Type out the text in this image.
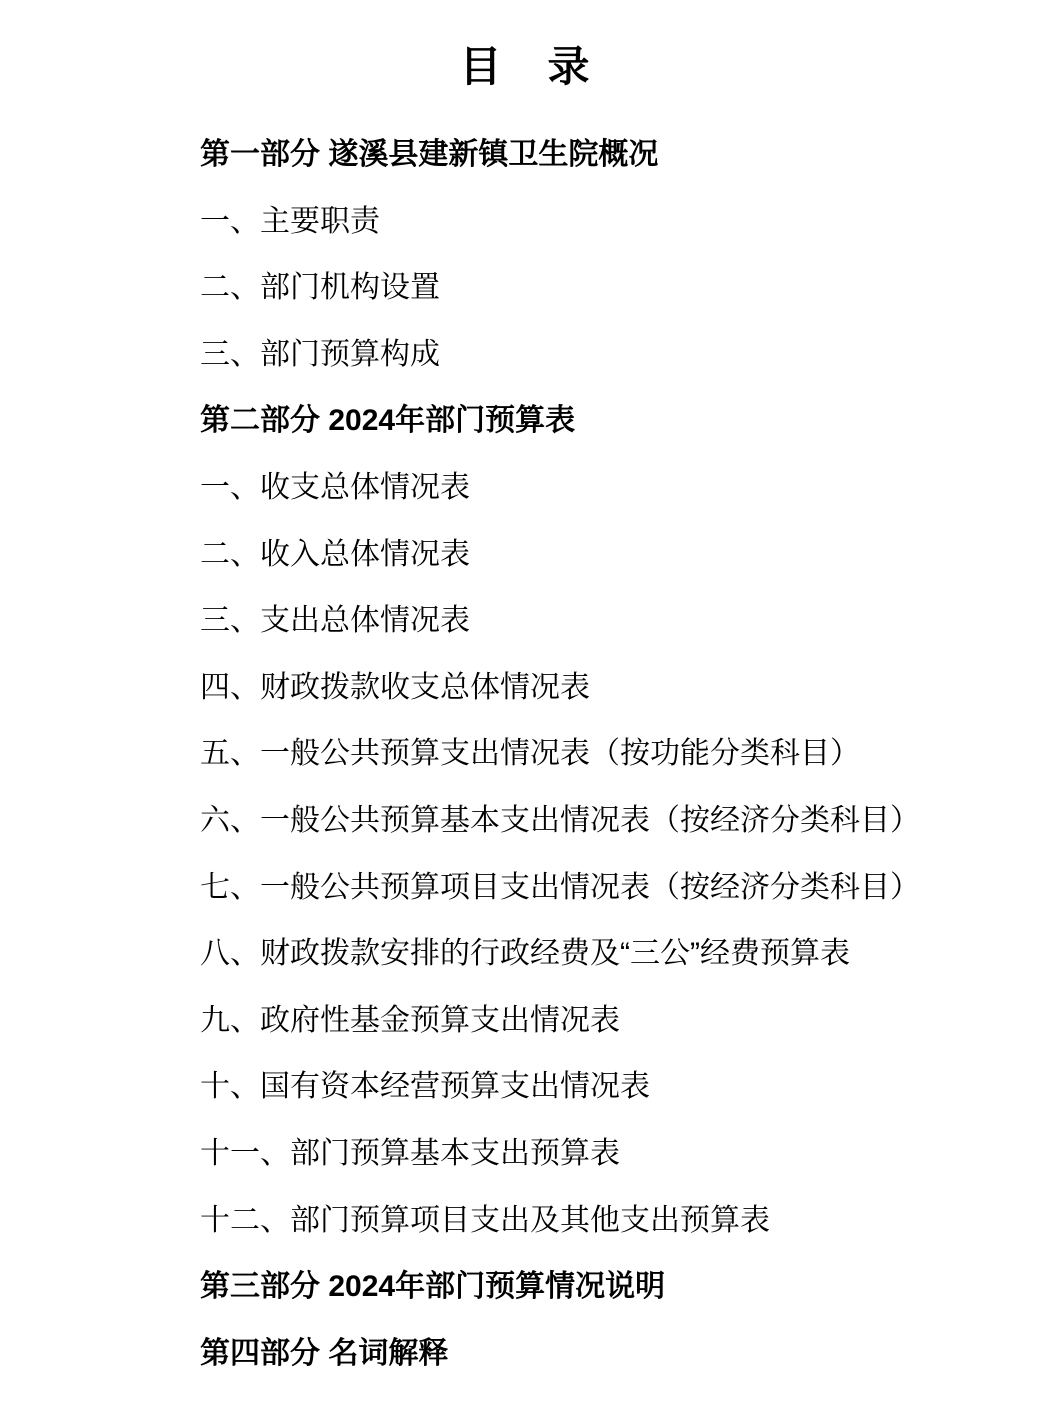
目　录
第一部分 遂溪县建新镇卫生院概况
一、主要职责
二、部门机构设置
三、部门预算构成
第二部分 2024年部门预算表
一、收支总体情况表
二、收入总体情况表
三、支出总体情况表
四、财政拨款收支总体情况表
五、一般公共预算支出情况表（按功能分类科目）
六、一般公共预算基本支出情况表（按经济分类科目）
七、一般公共预算项目支出情况表（按经济分类科目）
八、财政拨款安排的行政经费及“三公”经费预算表
九、政府性基金预算支出情况表
十、国有资本经营预算支出情况表
十一、部门预算基本支出预算表
十二、部门预算项目支出及其他支出预算表
第三部分 2024年部门预算情况说明
第四部分 名词解释
